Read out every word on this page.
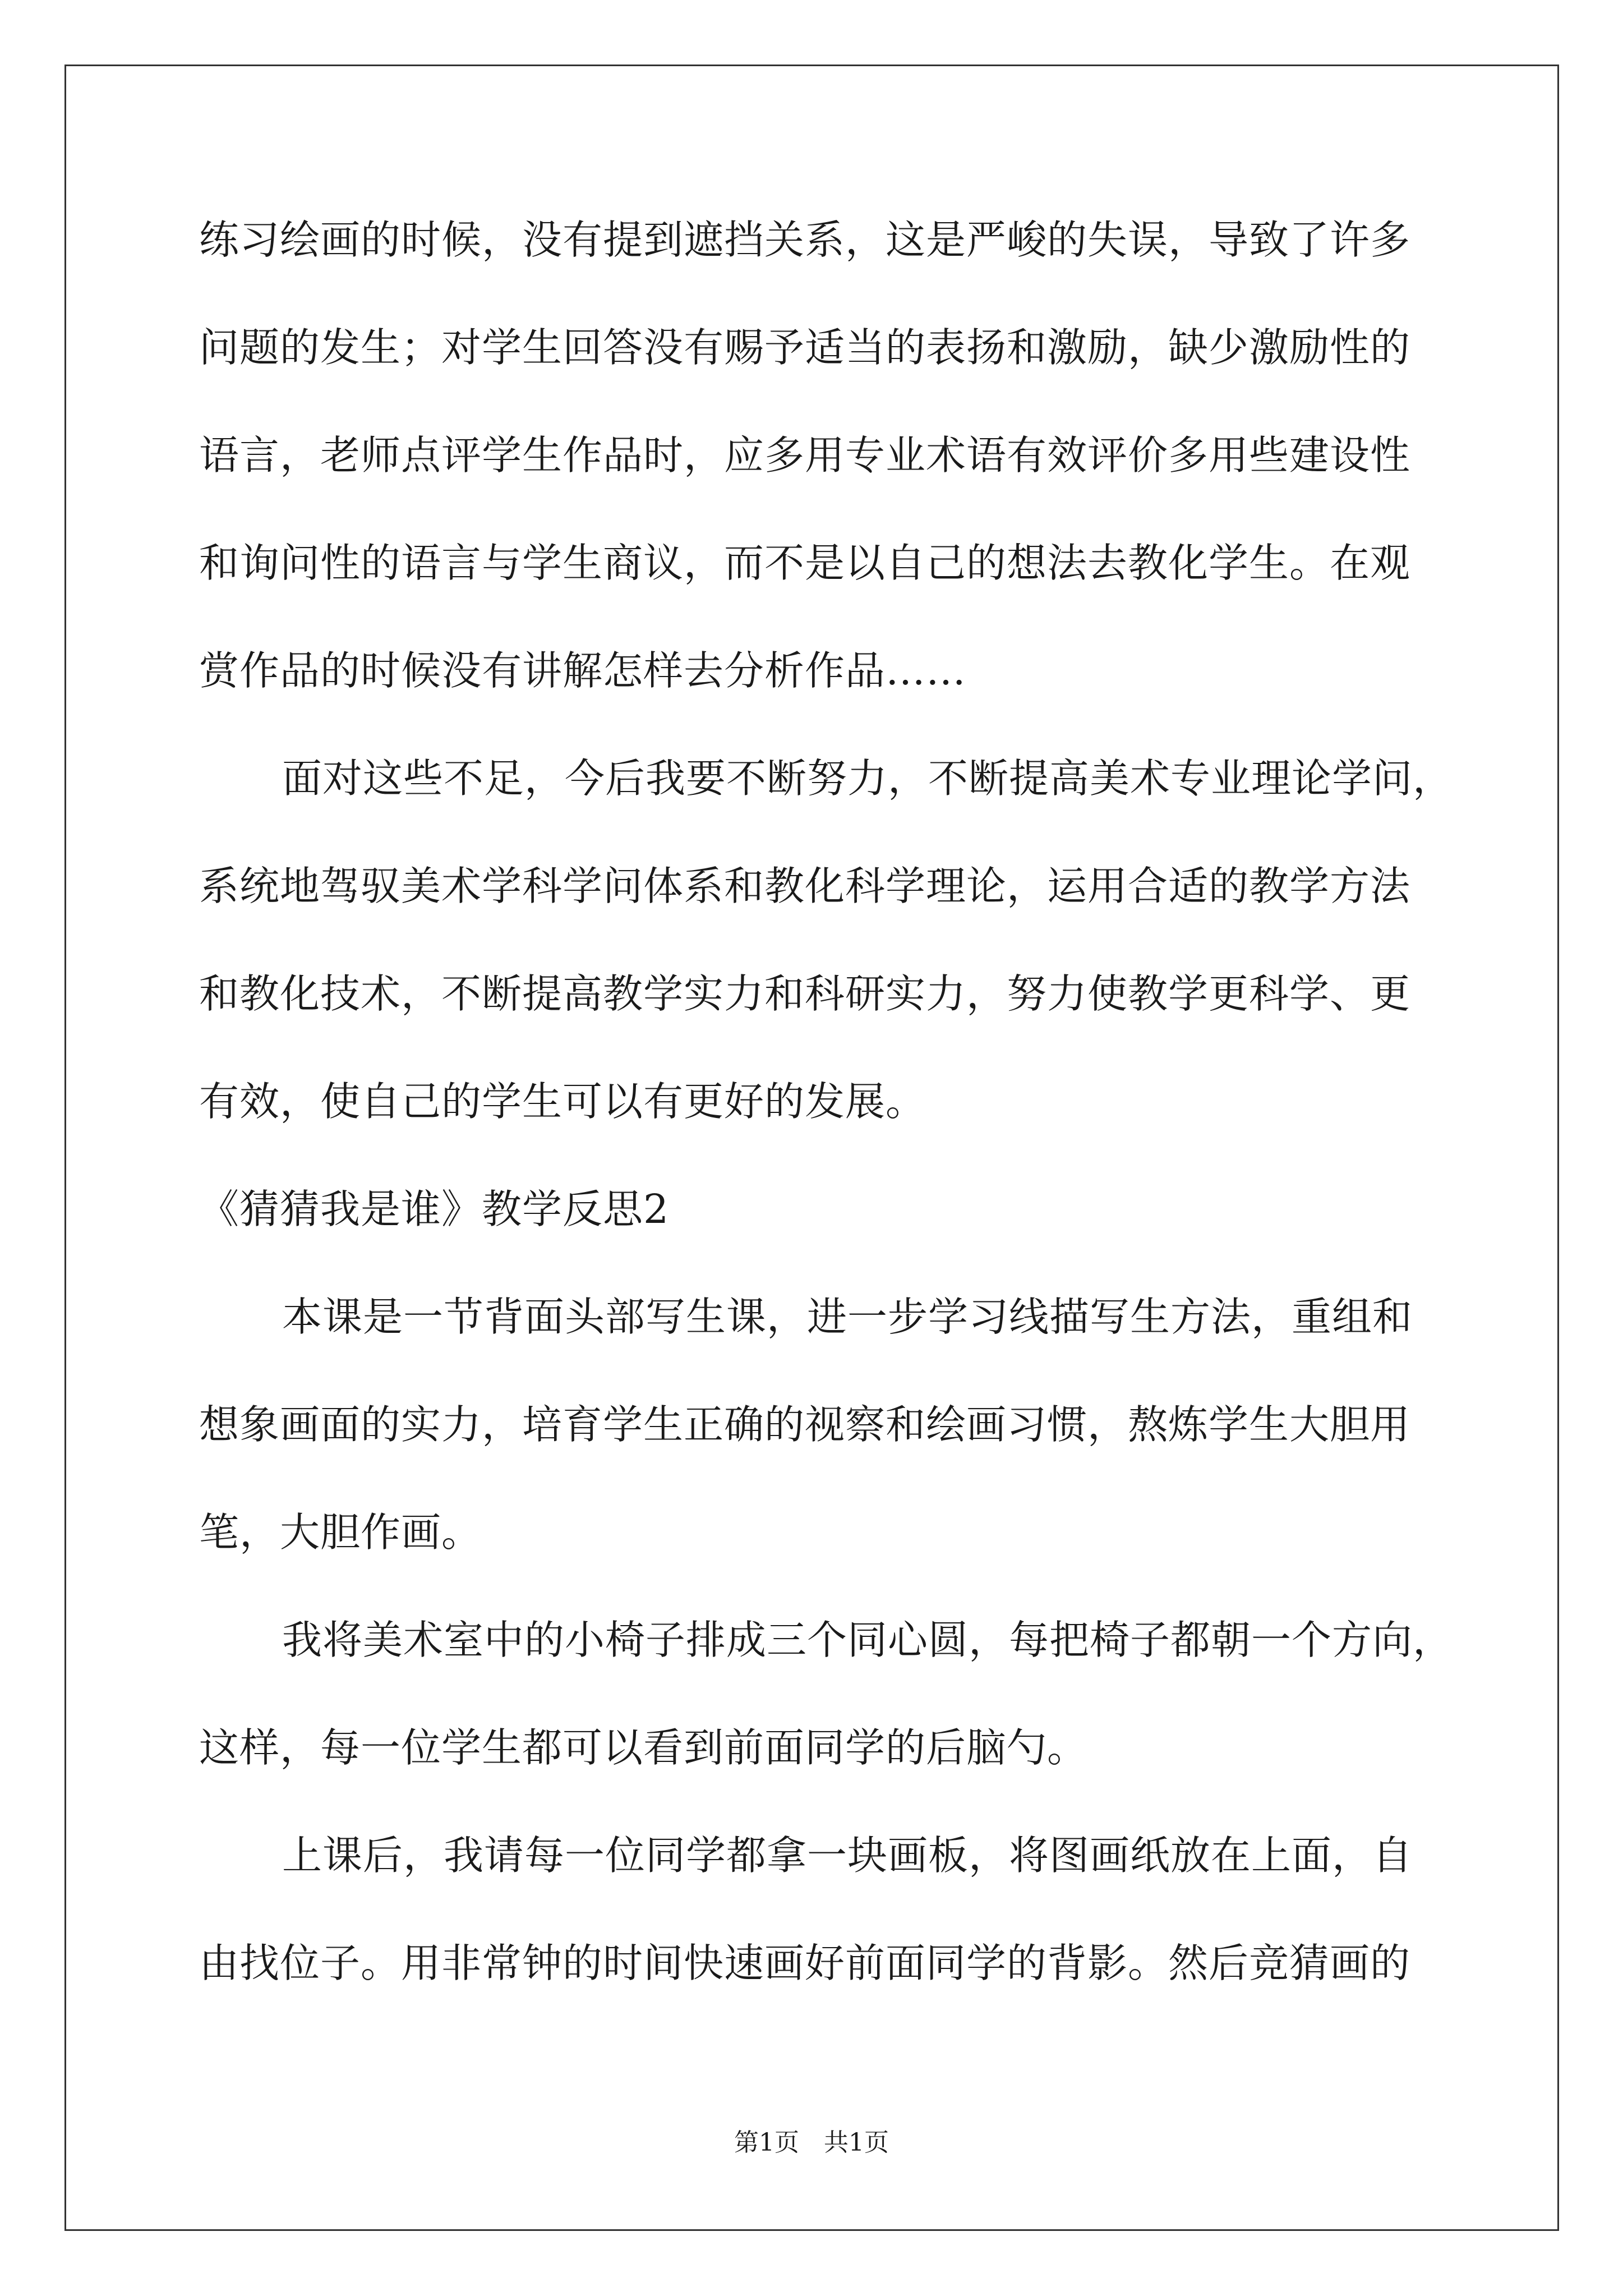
练习绘画的时候，没有提到遮挡关系，这是严峻的失误，导致了许多
问题的发生；对学生回答没有赐予适当的表扬和激励，缺少激励性的
语言，老师点评学生作品时，应多用专业术语有效评价多用些建设性
和询问性的语言与学生商议，而不是以自己的想法去教化学生。在观
赏作品的时候没有讲解怎样去分析作品……
面对这些不足，今后我要不断努力，不断提高美术专业理论学问，
系统地驾驭美术学科学问体系和教化科学理论，运用合适的教学方法
和教化技术，不断提高教学实力和科研实力，努力使教学更科学、更
有效，使自己的学生可以有更好的发展。
《猜猜我是谁》教学反思2
本课是一节背面头部写生课，进一步学习线描写生方法，重组和
想象画面的实力，培育学生正确的视察和绘画习惯，熬炼学生大胆用
笔，大胆作画。
我将美术室中的小椅子排成三个同心圆，每把椅子都朝一个方向，
这样，每一位学生都可以看到前面同学的后脑勺。
上课后，我请每一位同学都拿一块画板，将图画纸放在上面，自
由找位子。用非常钟的时间快速画好前面同学的背影。然后竞猜画的
第1页　共1页
